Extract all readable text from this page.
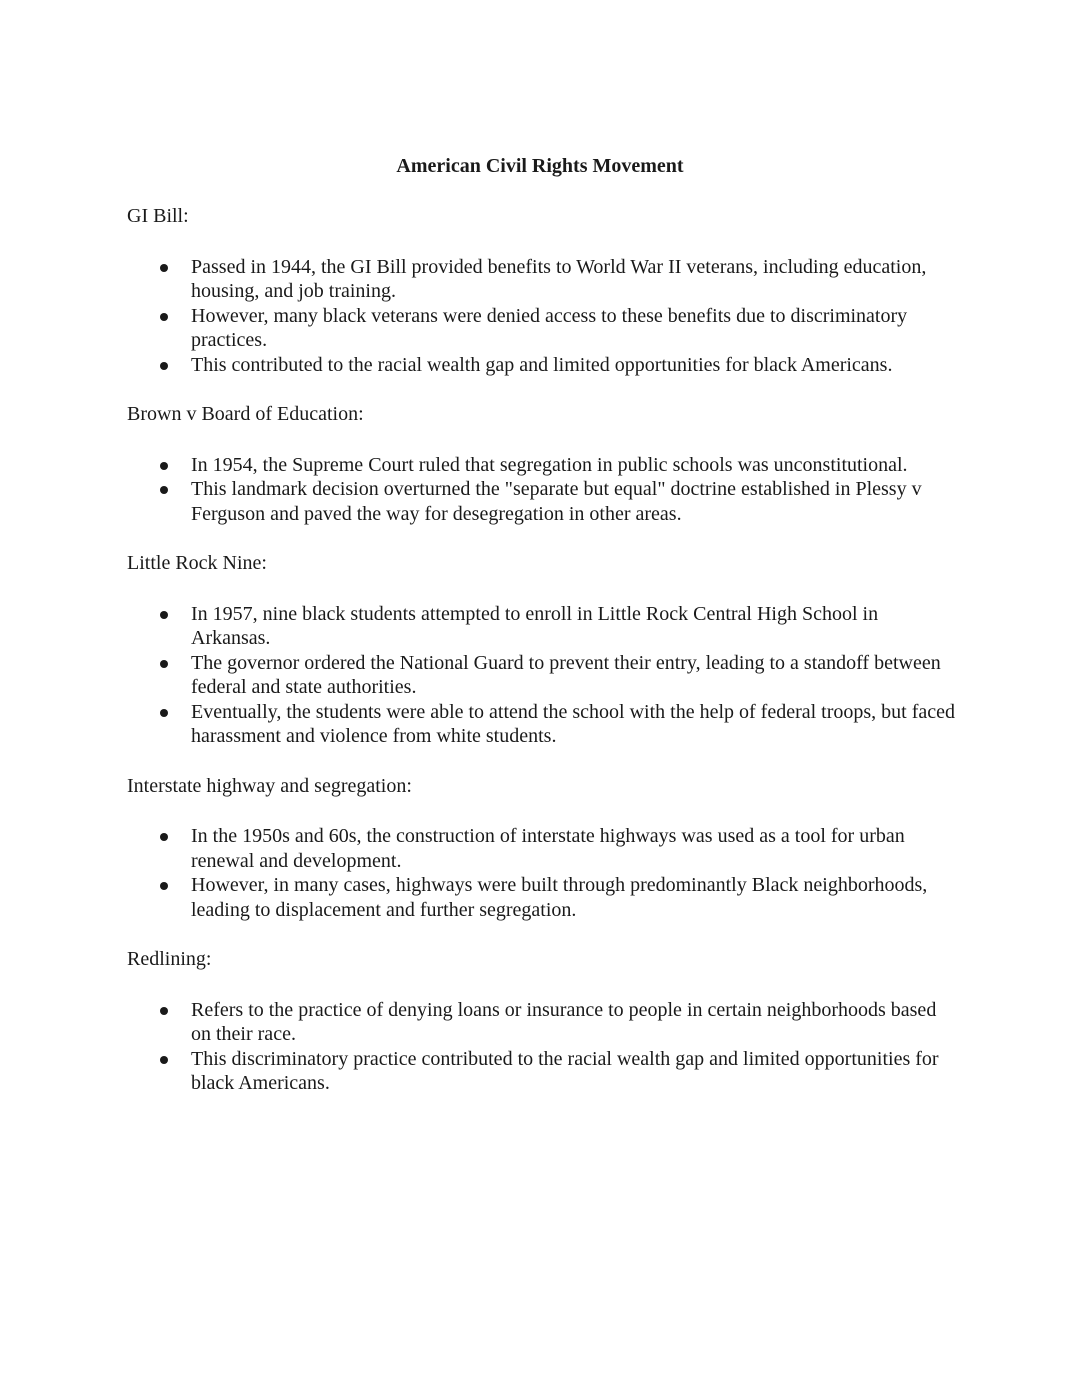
American Civil Rights Movement

GI Bill:

Passed in 1944, the GI Bill provided benefits to World War II veterans, including education, housing, and job training.
However, many black veterans were denied access to these benefits due to discriminatory practices.
This contributed to the racial wealth gap and limited opportunities for black Americans.

Brown v Board of Education:

In 1954, the Supreme Court ruled that segregation in public schools was unconstitutional.
This landmark decision overturned the "separate but equal" doctrine established in Plessy v Ferguson and paved the way for desegregation in other areas.

Little Rock Nine:

In 1957, nine black students attempted to enroll in Little Rock Central High School in Arkansas.
The governor ordered the National Guard to prevent their entry, leading to a standoff between federal and state authorities.
Eventually, the students were able to attend the school with the help of federal troops, but faced harassment and violence from white students.

Interstate highway and segregation:

In the 1950s and 60s, the construction of interstate highways was used as a tool for urban renewal and development.
However, in many cases, highways were built through predominantly Black neighborhoods, leading to displacement and further segregation.

Redlining:

Refers to the practice of denying loans or insurance to people in certain neighborhoods based on their race.
This discriminatory practice contributed to the racial wealth gap and limited opportunities for black Americans.
